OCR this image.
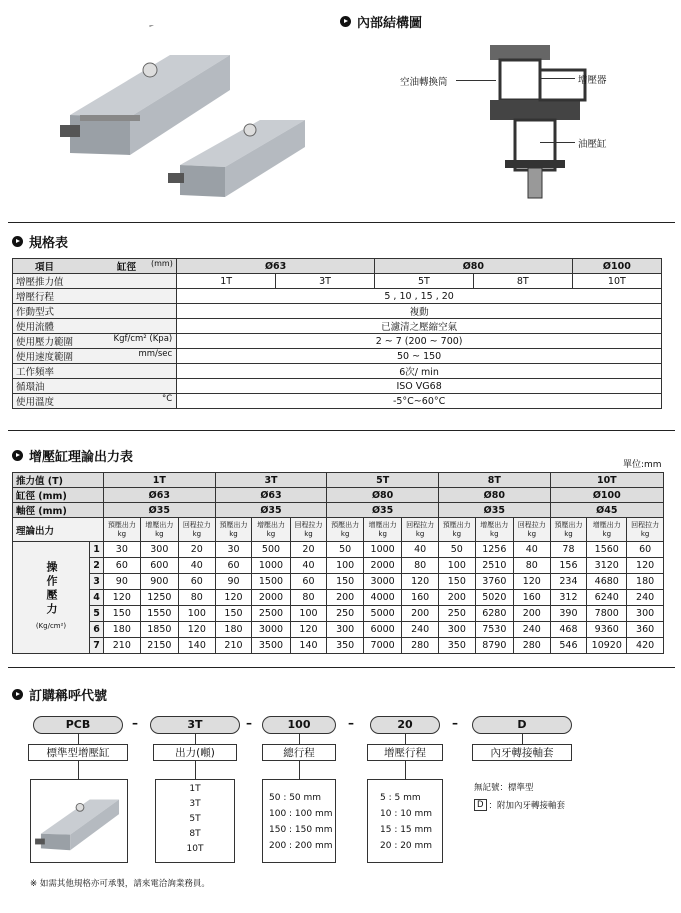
內部結構圖
空油轉換筒	增壓器
油壓缸
規格表
項目 缸徑 (mm)	Ø63		Ø80		Ø100
增壓推力值	1T	3T	5T	8T	10T
增壓行程	5 , 10 , 15 , 20				
作動型式	複動				
使用流體	已濾清之壓縮空氣				
使用壓力範圍 Kgf/cm² (Kpa)	2 ~ 7 (200 ~ 700)				
使用速度範圍 mm/sec	50 ~ 150				
工作頻率	6次/ min				
循環油	ISO VG68				
使用溫度 °C	-5°C~60°C				
增壓缸理論出力表	單位:mm
推力值 (T)		1T			3T			5T			8T			10T		
缸徑 (mm)		Ø63			Ø63			Ø80			Ø80			Ø100		
軸徑 (mm)		Ø35			Ø35			Ø35			Ø35			Ø45		
理論出力		預壓出力 kg	增壓出力 kg	回程拉力 kg	預壓出力 kg	增壓出力 kg	回程拉力 kg	預壓出力 kg	增壓出力 kg	回程拉力 kg	預壓出力 kg	增壓出力 kg	回程拉力 kg	預壓出力 kg	增壓出力 kg	回程拉力 kg

操作壓力
(Kg/cm²)	1	30	300	20	30	500	20	50	1000	40	50	1256	40	78	1560	60
	2	60	600	40	60	1000	40	100	2000	80	100	2510	80	156	3120	120
	3	90	900	60	90	1500	60	150	3000	120	150	3760	120	234	4680	180
	4	120	1250	80	120	2000	80	200	4000	160	200	5020	160	312	6240	240
	5	150	1550	100	150	2500	100	250	5000	200	250	6280	200	390	7800	300
	6	180	1850	120	180	3000	120	300	6000	240	300	7530	240	468	9360	360
	7	210	2150	140	210	3500	140	350	7000	280	350	8790	280	546	10920	420
訂購稱呼代號
PCB	–	3T	–	100	–	20	–	D
標準型增壓缸	出力(噸)	總行程	增壓行程	內牙轉接軸套
1T
3T
5T
8T
10T
50 : 50 mm
100 : 100 mm
150 : 150 mm
200 : 200 mm
5 : 5 mm
10 : 10 mm
15 : 15 mm
20 : 20 mm
無記號：標準型
D ：附加內牙轉接軸套
※ 如需其他規格亦可承製，請來電洽詢業務員。
